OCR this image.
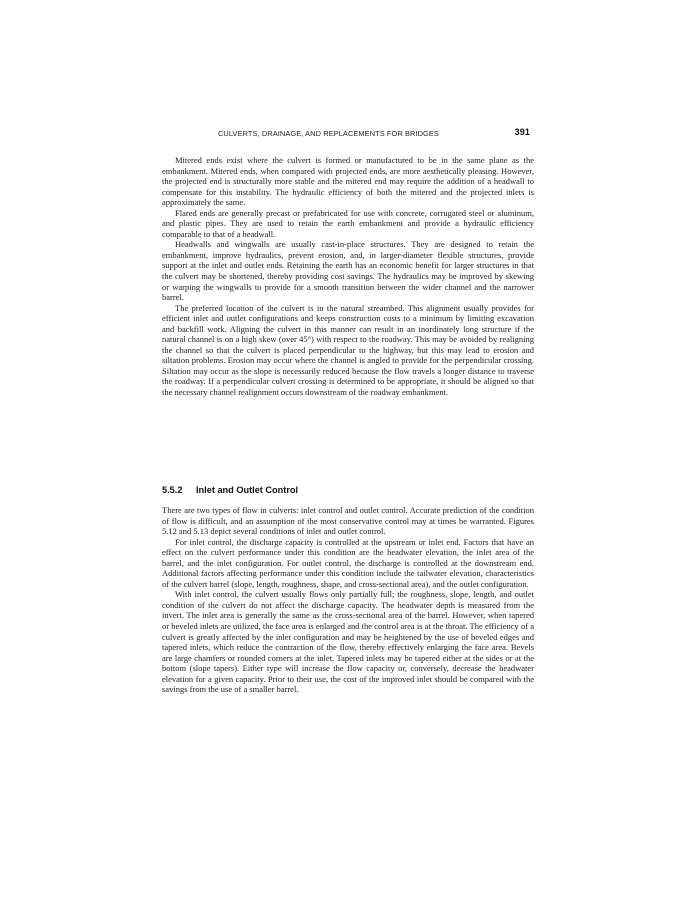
CULVERTS, DRAINAGE, AND REPLACEMENTS FOR BRIDGES	391

Mitered ends exist where the culvert is formed or manufactured to be in the same plane as the embankment. Mitered ends, when compared with projected ends, are more aesthetically pleasing. However, the projected end is structurally more stable and the mitered end may require the addition of a headwall to compensate for this instability. The hydraulic efficiency of both the mitered and the projected inlets is approximately the same.

Flared ends are generally precast or prefabricated for use with concrete, corrugated steel or aluminum, and plastic pipes. They are used to retain the earth embankment and provide a hydraulic efficiency comparable to that of a headwall.

Headwalls and wingwalls are usually cast-in-place structures. They are designed to retain the embankment, improve hydraulics, prevent erosion, and, in larger-diameter flexible structures, provide support at the inlet and outlet ends. Retaining the earth has an economic benefit for larger structures in that the culvert may be shortened, thereby providing cost savings. The hydraulics may be improved by skewing or warping the wingwalls to provide for a smooth transition between the wider channel and the narrower barrel.

The preferred location of the culvert is in the natural streambed. This alignment usually provides for efficient inlet and outlet configurations and keeps construction costs to a minimum by limiting excavation and backfill work. Aligning the culvert in this manner can result in an inordinately long structure if the natural channel is on a high skew (over 45°) with respect to the roadway. This may be avoided by realigning the channel so that the culvert is placed perpendicular to the highway, but this may lead to erosion and siltation problems. Erosion may occur where the channel is angled to provide for the perpendicular crossing. Siltation may occur as the slope is necessarily reduced because the flow travels a longer distance to traverse the roadway. If a perpendicular culvert crossing is determined to be appropriate, it should be aligned so that the necessary channel realignment occurs downstream of the roadway embankment.

5.5.2 Inlet and Outlet Control

There are two types of flow in culverts: inlet control and outlet control. Accurate prediction of the condition of flow is difficult, and an assumption of the most conservative control may at times be warranted. Figures 5.12 and 5.13 depict several conditions of inlet and outlet control.

For inlet control, the discharge capacity is controlled at the upstream or inlet end. Factors that have an effect on the culvert performance under this condition are the headwater elevation, the inlet area of the barrel, and the inlet configuration. For outlet control, the discharge is controlled at the downstream end. Additional factors affecting performance under this condition include the tailwater elevation, characteristics of the culvert barrel (slope, length, roughness, shape, and cross-sectional area), and the outlet configuration.

With inlet control, the culvert usually flows only partially full; the roughness, slope, length, and outlet condition of the culvert do not affect the discharge capacity. The headwater depth is measured from the invert. The inlet area is generally the same as the cross-sectional area of the barrel. However, when tapered or beveled inlets are utilized, the face area is enlarged and the control area is at the throat. The efficiency of a culvert is greatly affected by the inlet configuration and may be heightened by the use of beveled edges and tapered inlets, which reduce the contraction of the flow, thereby effectively enlarging the face area. Bevels are large chamfers or rounded corners at the inlet. Tapered inlets may be tapered either at the sides or at the bottom (slope tapers). Either type will increase the flow capacity or, conversely, decrease the headwater elevation for a given capacity. Prior to their use, the cost of the improved inlet should be compared with the savings from the use of a smaller barrel.
